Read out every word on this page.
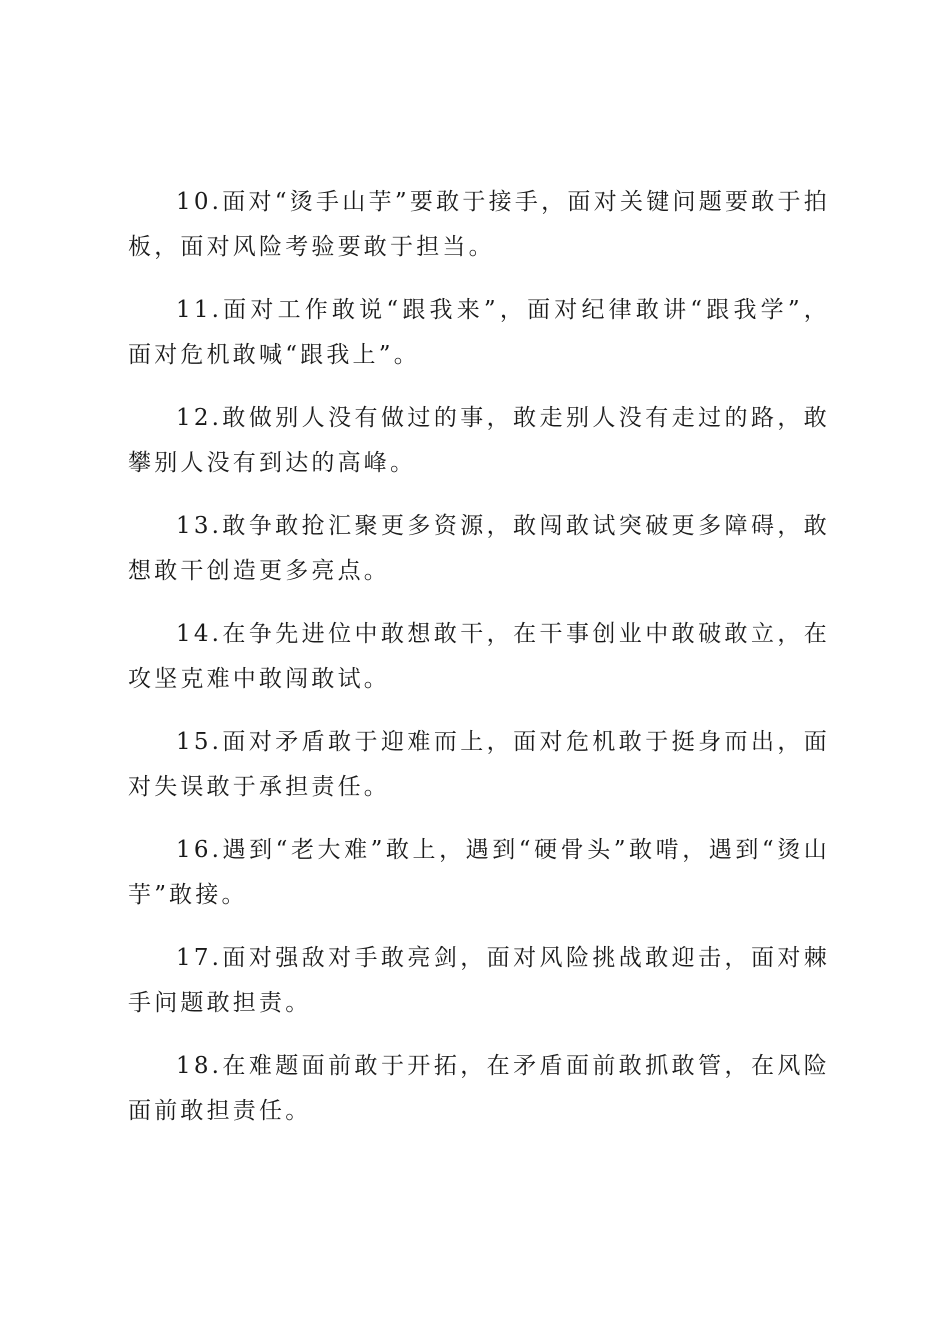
10.面对“烫手山芋”要敢于接手，面对关键问题要敢于拍板，面对风险考验要敢于担当。

11.面对工作敢说“跟我来”，面对纪律敢讲“跟我学”，面对危机敢喊“跟我上”。

12.敢做别人没有做过的事，敢走别人没有走过的路，敢攀别人没有到达的高峰。

13.敢争敢抢汇聚更多资源，敢闯敢试突破更多障碍，敢想敢干创造更多亮点。

14.在争先进位中敢想敢干，在干事创业中敢破敢立，在攻坚克难中敢闯敢试。

15.面对矛盾敢于迎难而上，面对危机敢于挺身而出，面对失误敢于承担责任。

16.遇到“老大难”敢上，遇到“硬骨头”敢啃，遇到“烫山芋”敢接。

17.面对强敌对手敢亮剑，面对风险挑战敢迎击，面对棘手问题敢担责。

18.在难题面前敢于开拓，在矛盾面前敢抓敢管，在风险面前敢担责任。
